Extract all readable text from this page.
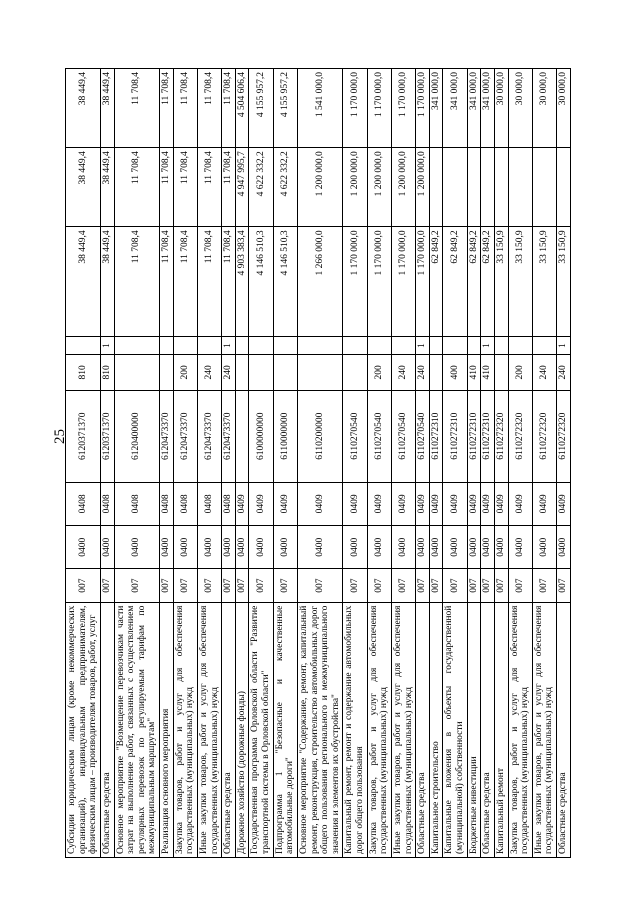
25
Субсидии юридическим лицам (кроме некоммерческих организаций), индивидуальным предпринимателям, физическим лицам – производителям товаров, работ, услуг	007	0400	0408	6120371370	810		38 449,4	38 449,4	38 449,4
Областные средства	007	0400	0408	6120371370	810	1	38 449,4	38 449,4	38 449,4
Основное мероприятие "Возмещение перевозчикам части затрат на выполнение работ, связанных с осуществлением регулярных перевозок по регулируемым тарифам по межмуниципальным маршрутам"	007	0400	0408	6120400000			11 708,4	11 708,4	11 708,4
Реализация основного мероприятия	007	0400	0408	6120473370			11 708,4	11 708,4	11 708,4
Закупка товаров, работ и услуг для обеспечения государственных (муниципальных) нужд	007	0400	0408	6120473370	200		11 708,4	11 708,4	11 708,4
Иные закупки товаров, работ и услуг для обеспечения государственных (муниципальных) нужд	007	0400	0408	6120473370	240		11 708,4	11 708,4	11 708,4
Областные средства	007	0400	0408	6120473370	240	1	11 708,4	11 708,4	11 708,4
Дорожное хозяйство (дорожные фонды)	007	0400	0409				4 903 383,4	4 947 995,7	4 504 606,4
Государственная программа Орловской области "Развитие транспортной системы в Орловской области"	007	0400	0409	6100000000			4 146 510,3	4 622 332,2	4 155 957,2
Подпрограмма 1 "Безопасные и качественные автомобильные дороги"	007	0400	0409	6110000000			4 146 510,3	4 622 332,2	4 155 957,2
Основное мероприятие "Содержание, ремонт, капитальный ремонт, реконструкция, строительство автомобильных дорог общего пользования регионального и межмуниципального значения и элементов их обустройства"	007	0400	0409	6110200000			1 266 000,0	1 200 000,0	1 541 000,0
Капитальный ремонт, ремонт и содержание автомобильных дорог общего пользования	007	0400	0409	6110270540			1 170 000,0	1 200 000,0	1 170 000,0
Закупка товаров, работ и услуг для обеспечения государственных (муниципальных) нужд	007	0400	0409	6110270540	200		1 170 000,0	1 200 000,0	1 170 000,0
Иные закупки товаров, работ и услуг для обеспечения государственных (муниципальных) нужд	007	0400	0409	6110270540	240		1 170 000,0	1 200 000,0	1 170 000,0
Областные средства	007	0400	0409	6110270540	240	1	1 170 000,0	1 200 000,0	1 170 000,0
Капитальное строительство	007	0400	0409	6110272310			62 849,2		341 000,0
Капитальные вложения в объекты государственной (муниципальной) собственности	007	0400	0409	6110272310	400		62 849,2		341 000,0
Бюджетные инвестиции	007	0400	0409	6110272310	410		62 849,2		341 000,0
Областные средства	007	0400	0409	6110272310	410	1	62 849,2		341 000,0
Капитальный ремонт	007	0400	0409	6110272320			33 150,9		30 000,0
Закупка товаров, работ и услуг для обеспечения государственных (муниципальных) нужд	007	0400	0409	6110272320	200		33 150,9		30 000,0
Иные закупки товаров, работ и услуг для обеспечения государственных (муниципальных) нужд	007	0400	0409	6110272320	240		33 150,9		30 000,0
Областные средства	007	0400	0409	6110272320	240	1	33 150,9		30 000,0
